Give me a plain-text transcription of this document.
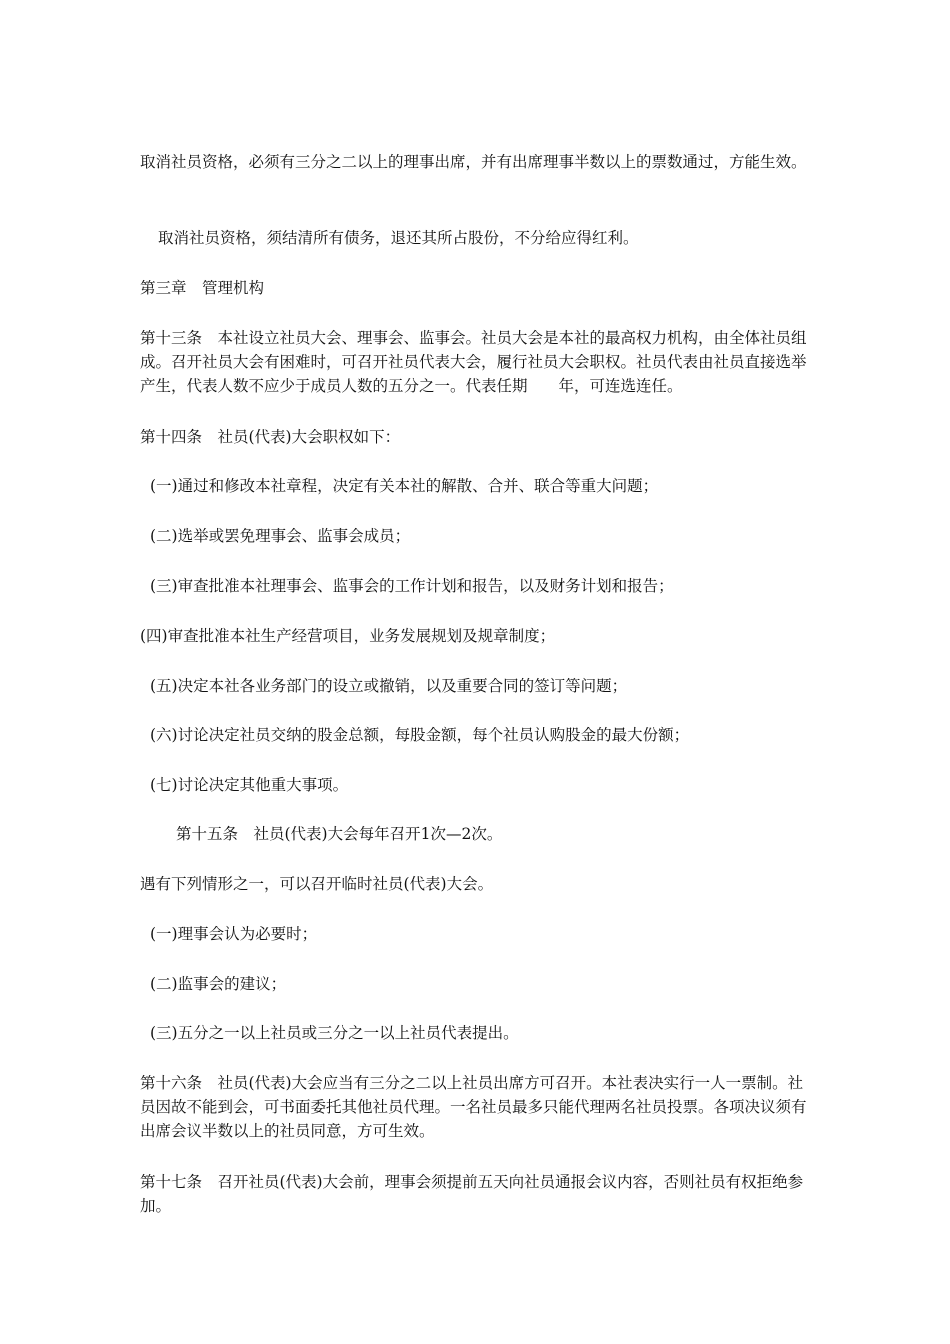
取消社员资格，必须有三分之二以上的理事出席，并有出席理事半数以上的票数通过，方能生效。

取消社员资格，须结清所有债务，退还其所占股份，不分给应得红利。

第三章　管理机构

第十三条　本社设立社员大会、理事会、监事会。社员大会是本社的最高权力机构，由全体社员组成。召开社员大会有困难时，可召开社员代表大会，履行社员大会职权。社员代表由社员直接选举产生，代表人数不应少于成员人数的五分之一。代表任期　　年，可连选连任。

第十四条　社员(代表)大会职权如下：

(一)通过和修改本社章程，决定有关本社的解散、合并、联合等重大问题；

(二)选举或罢免理事会、监事会成员；

(三)审查批准本社理事会、监事会的工作计划和报告，以及财务计划和报告；

(四)审查批准本社生产经营项目，业务发展规划及规章制度；

(五)决定本社各业务部门的设立或撤销，以及重要合同的签订等问题；

(六)讨论决定社员交纳的股金总额，每股金额，每个社员认购股金的最大份额；

(七)讨论决定其他重大事项。

第十五条　社员(代表)大会每年召开1次—2次。

遇有下列情形之一，可以召开临时社员(代表)大会。

(一)理事会认为必要时；

(二)监事会的建议；

(三)五分之一以上社员或三分之一以上社员代表提出。

第十六条　社员(代表)大会应当有三分之二以上社员出席方可召开。本社表决实行一人一票制。社员因故不能到会，可书面委托其他社员代理。一名社员最多只能代理两名社员投票。各项决议须有出席会议半数以上的社员同意，方可生效。

第十七条　召开社员(代表)大会前，理事会须提前五天向社员通报会议内容，否则社员有权拒绝参加。
